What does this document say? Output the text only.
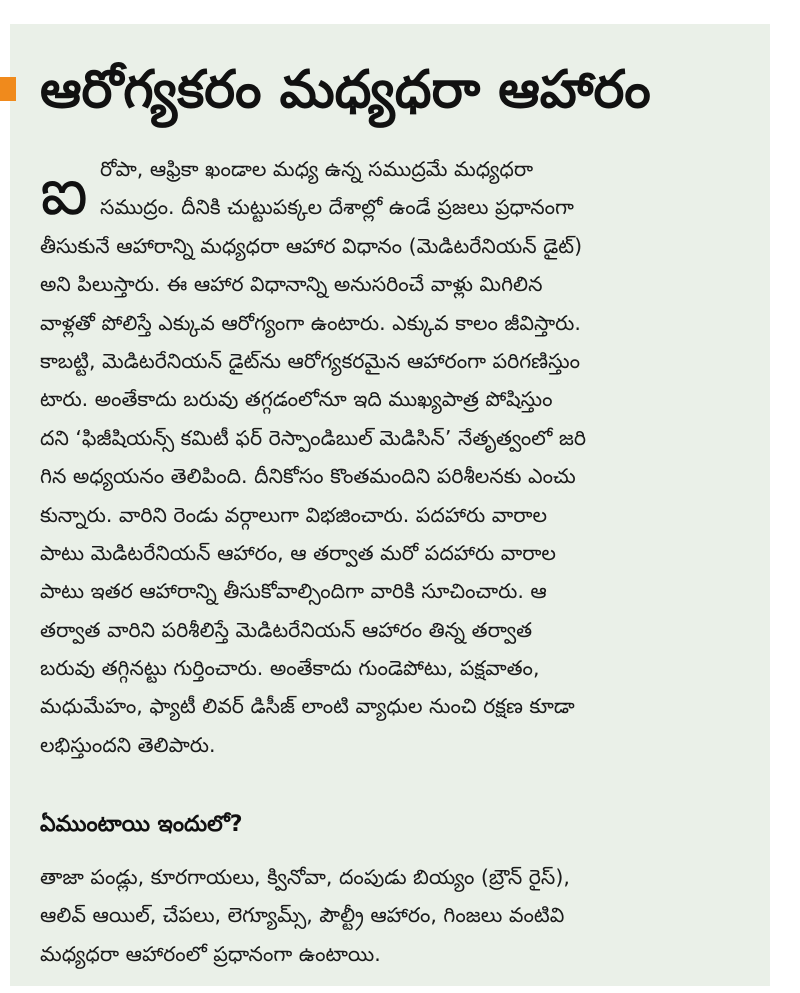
ఆరోగ్యకరం మధ్యధరా ఆహారం
ఐ రోపా, ఆఫ్రికా ఖండాల మధ్య ఉన్న సముద్రమే మధ్యధరా
సముద్రం. దీనికి చుట్టుపక్కల దేశాల్లో ఉండే ప్రజలు ప్రధానంగా
తీసుకునే ఆహారాన్ని మధ్యధరా ఆహార విధానం (మెడిటరేనియన్ డైట్)
అని పిలుస్తారు. ఈ ఆహార విధానాన్ని అనుసరించే వాళ్లు మిగిలిన
వాళ్లతో పోలిస్తే ఎక్కువ ఆరోగ్యంగా ఉంటారు. ఎక్కువ కాలం జీవిస్తారు.
కాబట్టి, మెడిటరేనియన్ డైట్‌ను ఆరోగ్యకరమైన ఆహారంగా పరిగణిస్తుం
టారు. అంతేకాదు బరువు తగ్గడంలోనూ ఇది ముఖ్యపాత్ర పోషిస్తుం
దని ‘ఫిజీషియన్స్ కమిటీ ఫర్ రెస్పాండిబుల్ మెడిసిన్’ నేతృత్వంలో జరి
గిన అధ్యయనం తెలిపింది. దీనికోసం కొంతమందిని పరిశీలనకు ఎంచు
కున్నారు. వారిని రెండు వర్గాలుగా విభజించారు. పదహారు వారాల
పాటు మెడిటరేనియన్ ఆహారం, ఆ తర్వాత మరో పదహారు వారాల
పాటు ఇతర ఆహారాన్ని తీసుకోవాల్సిందిగా వారికి సూచించారు. ఆ
తర్వాత వారిని పరిశీలిస్తే మెడిటరేనియన్ ఆహారం తిన్న తర్వాత
బరువు తగ్గినట్టు గుర్తించారు. అంతేకాదు గుండెపోటు, పక్షవాతం,
మధుమేహం, ఫ్యాటీ లివర్ డిసీజ్ లాంటి వ్యాధుల నుంచి రక్షణ కూడా
లభిస్తుందని తెలిపారు.
ఏముంటాయి ఇందులో?
తాజా పండ్లు, కూరగాయలు, క్వినోవా, దంపుడు బియ్యం (బ్రౌన్ రైస్),
ఆలివ్ ఆయిల్, చేపలు, లెగ్యూమ్స్, పౌల్ట్రీ ఆహారం, గింజలు వంటివి
మధ్యధరా ఆహారంలో ప్రధానంగా ఉంటాయి.
